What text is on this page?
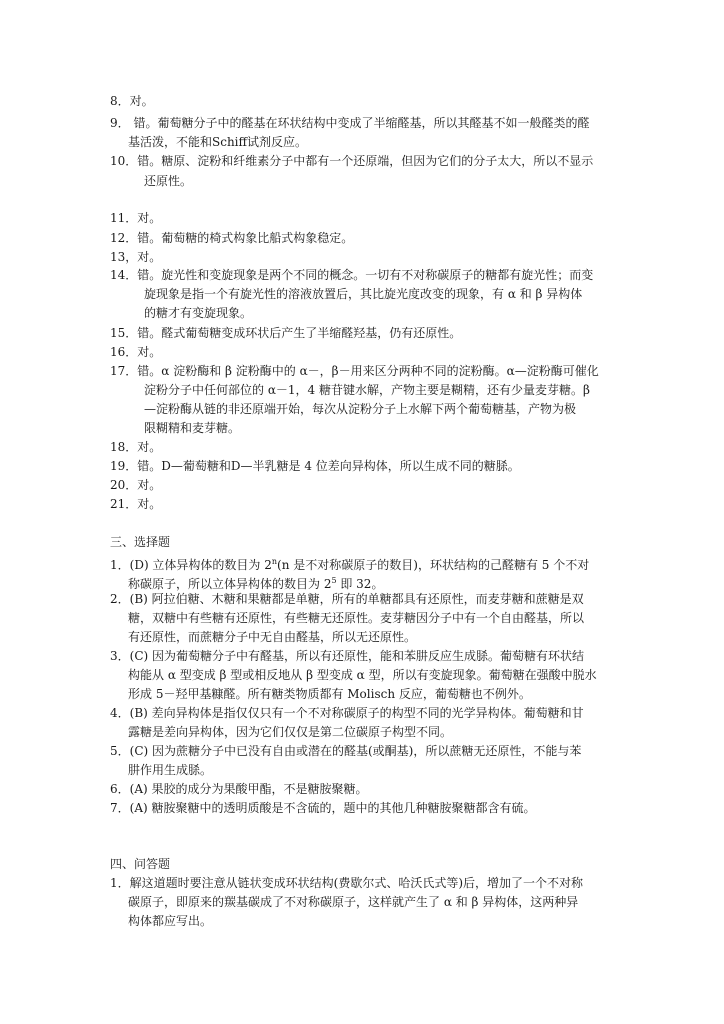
8．对。
9． 错。葡萄糖分子中的醛基在环状结构中变成了半缩醛基，所以其醛基不如一般醛类的醛
基活泼，不能和Schiff试剂反应。
10．错。糖原、淀粉和纤维素分子中都有一个还原端，但因为它们的分子太大，所以不显示
还原性。
11．对。
12．错。葡萄糖的椅式构象比船式构象稳定。
13，对。
14．错。旋光性和变旋现象是两个不同的概念。一切有不对称碳原子的糖都有旋光性；而变
旋现象是指一个有旋光性的溶液放置后，其比旋光度改变的现象，有 α 和 β 异构体
的糖才有变旋现象。
15．错。醛式葡萄糖变成环状后产生了半缩醛羟基，仍有还原性。
16．对。
17．错。α 淀粉酶和 β 淀粉酶中的 α－，β－用来区分两种不同的淀粉酶。α—淀粉酶可催化
淀粉分子中任何部位的 α－1，4 糖苷键水解，产物主要是糊精，还有少量麦芽糖。β
—淀粉酶从链的非还原端开始，每次从淀粉分子上水解下两个葡萄糖基，产物为极
限糊精和麦芽糖。
18．对。
19．错。D—葡萄糖和D—半乳糖是 4 位差向异构体，所以生成不同的糖脎。
20．对。
21．对。
三、选择题
1．(D) 立体异构体的数目为 2$^n$(n 是不对称碳原子的数目)，环状结构的己醛糖有 5 个不对
称碳原子，所以立体异构体的数目为 $2^5$ 即 32。
2．(B) 阿拉伯糖、木糖和果糖都是单糖，所有的单糖都具有还原性，而麦芽糖和蔗糖是双
糖，双糖中有些糖有还原性，有些糖无还原性。麦芽糖因分子中有一个自由醛基，所以
有还原性，而蔗糖分子中无自由醛基，所以无还原性。
3．(C) 因为葡萄糖分子中有醛基，所以有还原性，能和苯肼反应生成脎。葡萄糖有环状结
构能从 α 型变成 β 型或相反地从 β 型变成 α 型，所以有变旋现象。葡萄糖在强酸中脱水
形成 5－羟甲基糠醛。所有糖类物质都有 Molisch 反应，葡萄糖也不例外。
4．(B) 差向异构体是指仅仅只有一个不对称碳原子的构型不同的光学异构体。葡萄糖和甘
露糖是差向异构体，因为它们仅仅是第二位碳原子构型不同。
5．(C) 因为蔗糖分子中已没有自由或潜在的醛基(或酮基)，所以蔗糖无还原性，不能与苯
肼作用生成脎。
6．(A) 果胶的成分为果酸甲酯，不是糖胺聚糖。
7．(A) 糖胺聚糖中的透明质酸是不含硫的，题中的其他几种糖胺聚糖都含有硫。
四、问答题
1．解这道题时要注意从链状变成环状结构(费歇尔式、哈沃氏式等)后，增加了一个不对称
碳原子，即原来的羰基碳成了不对称碳原子，这样就产生了 α 和 β 异构体，这两种异
构体都应写出。
